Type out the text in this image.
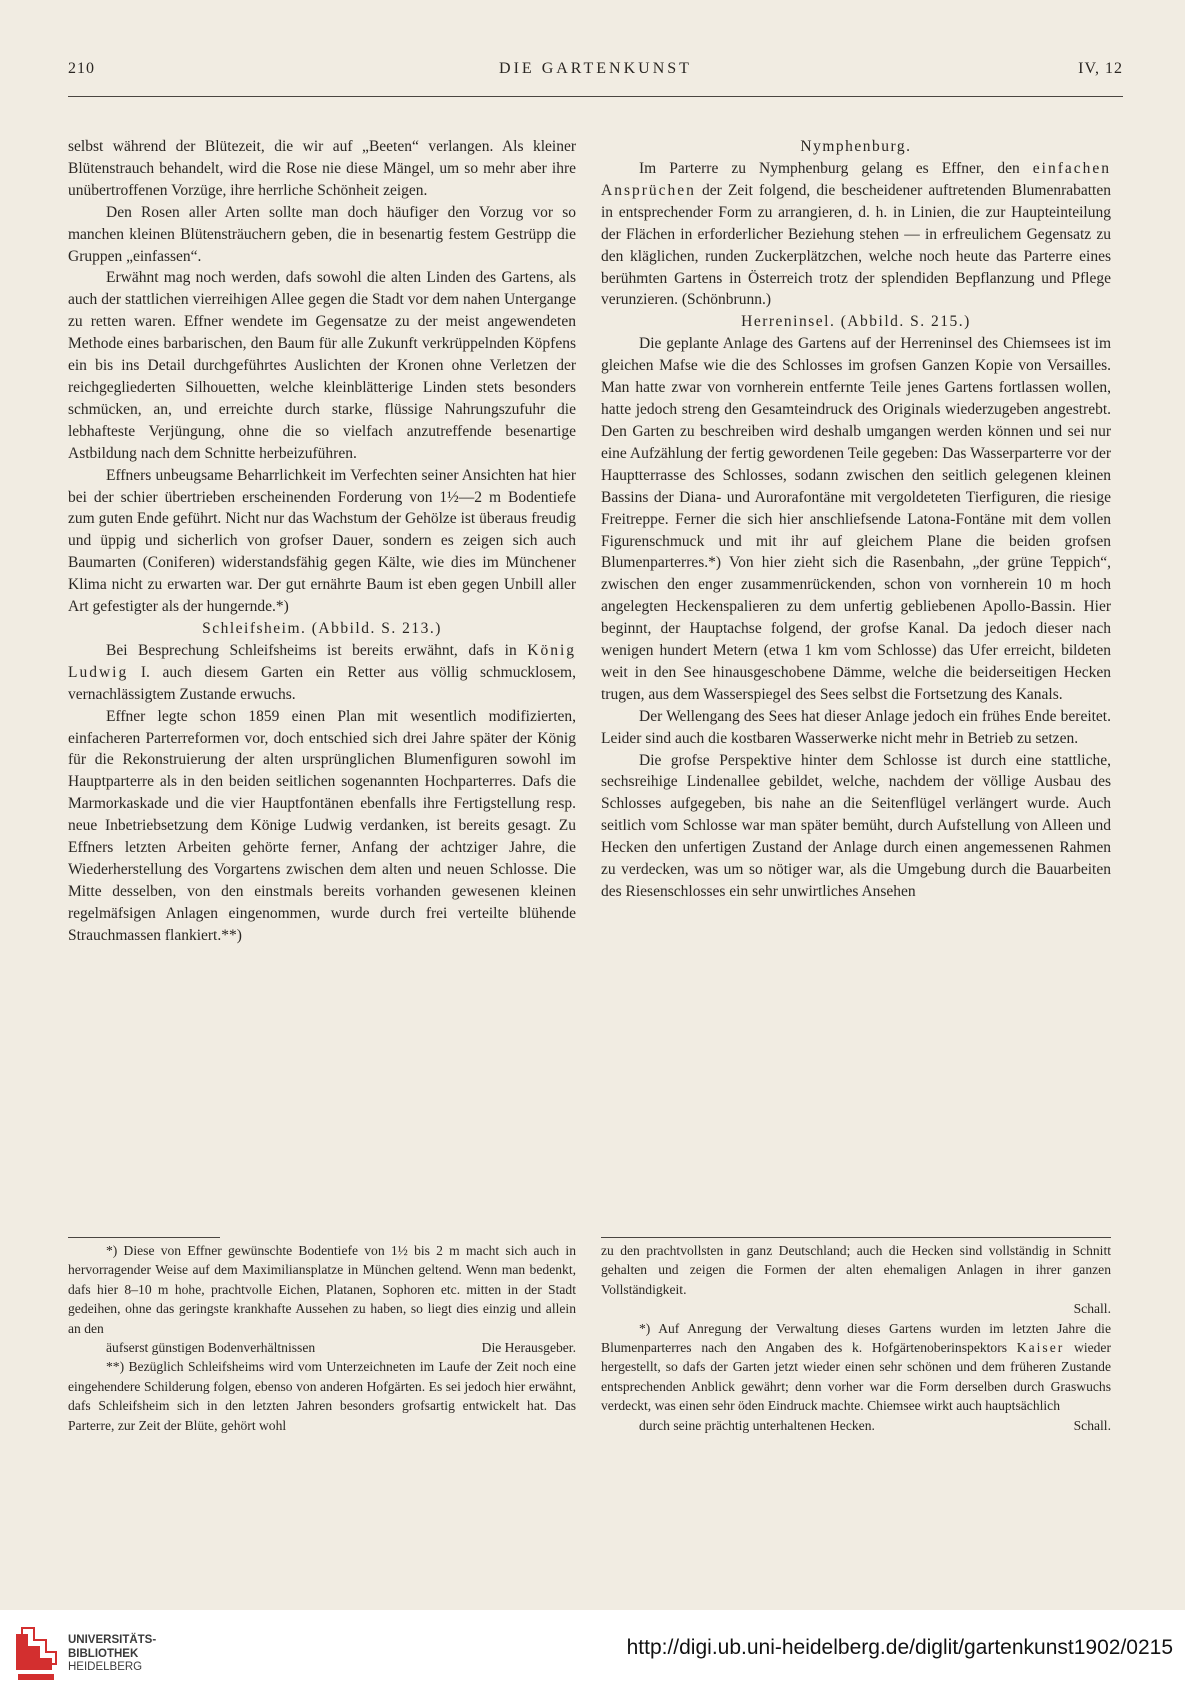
210	DIE GARTENKUNST	IV, 12

selbst während der Blütezeit, die wir auf „Beeten“ verlangen. Als kleiner Blütenstrauch behandelt, wird die Rose nie diese Mängel, um so mehr aber ihre unübertroffenen Vorzüge, ihre herrliche Schönheit zeigen.

Den Rosen aller Arten sollte man doch häufiger den Vorzug vor so manchen kleinen Blütensträuchern geben, die in besenartig festem Gestrüpp die Gruppen „einfassen“.

Erwähnt mag noch werden, dafs sowohl die alten Linden des Gartens, als auch der stattlichen vierreihigen Allee gegen die Stadt vor dem nahen Untergange zu retten waren. Effner wendete im Gegensatze zu der meist angewendeten Methode eines barbarischen, den Baum für alle Zukunft verkrüppelnden Köpfens ein bis ins Detail durchgeführtes Auslichten der Kronen ohne Verletzen der reichgegliederten Silhouetten, welche kleinblätterige Linden stets besonders schmücken, an, und erreichte durch starke, flüssige Nahrungszufuhr die lebhafteste Verjüngung, ohne die so vielfach anzutreffende besenartige Astbildung nach dem Schnitte herbeizuführen.

Effners unbeugsame Beharrlichkeit im Verfechten seiner Ansichten hat hier bei der schier übertrieben erscheinenden Forderung von 1½—2 m Bodentiefe zum guten Ende geführt. Nicht nur das Wachstum der Gehölze ist überaus freudig und üppig und sicherlich von grofser Dauer, sondern es zeigen sich auch Baumarten (Coniferen) widerstandsfähig gegen Kälte, wie dies im Münchener Klima nicht zu erwarten war. Der gut ernährte Baum ist eben gegen Unbill aller Art gefestigter als der hungernde.*)

Schleifsheim. (Abbild. S. 213.)

Bei Besprechung Schleifsheims ist bereits erwähnt, dafs in König Ludwig I. auch diesem Garten ein Retter aus völlig schmucklosem, vernachlässigtem Zustande erwuchs.

Effner legte schon 1859 einen Plan mit wesentlich modifizierten, einfacheren Parterreformen vor, doch entschied sich drei Jahre später der König für die Rekonstruierung der alten ursprünglichen Blumenfiguren sowohl im Hauptparterre als in den beiden seitlichen sogenannten Hochparterres. Dafs die Marmorkaskade und die vier Hauptfontänen ebenfalls ihre Fertigstellung resp. neue Inbetriebsetzung dem Könige Ludwig verdanken, ist bereits gesagt. Zu Effners letzten Arbeiten gehörte ferner, Anfang der achtziger Jahre, die Wiederherstellung des Vorgartens zwischen dem alten und neuen Schlosse. Die Mitte desselben, von den einstmals bereits vorhanden gewesenen kleinen regelmäfsigen Anlagen eingenommen, wurde durch frei verteilte blühende Strauchmassen flankiert.**)

Nymphenburg.

Im Parterre zu Nymphenburg gelang es Effner, den einfachen Ansprüchen der Zeit folgend, die bescheidener auftretenden Blumenrabatten in entsprechender Form zu arrangieren, d. h. in Linien, die zur Haupteinteilung der Flächen in erforderlicher Beziehung stehen — in erfreulichem Gegensatz zu den kläglichen, runden Zuckerplätzchen, welche noch heute das Parterre eines berühmten Gartens in Österreich trotz der splendiden Bepflanzung und Pflege verunzieren. (Schönbrunn.)

Herreninsel. (Abbild. S. 215.)

Die geplante Anlage des Gartens auf der Herreninsel des Chiemsees ist im gleichen Mafse wie die des Schlosses im grofsen Ganzen Kopie von Versailles. Man hatte zwar von vornherein entfernte Teile jenes Gartens fortlassen wollen, hatte jedoch streng den Gesamteindruck des Originals wiederzugeben angestrebt. Den Garten zu beschreiben wird deshalb umgangen werden können und sei nur eine Aufzählung der fertig gewordenen Teile gegeben: Das Wasserparterre vor der Hauptterrasse des Schlosses, sodann zwischen den seitlich gelegenen kleinen Bassins der Diana- und Aurorafontäne mit vergoldeteten Tierfiguren, die riesige Freitreppe. Ferner die sich hier anschliefsende Latona-Fontäne mit dem vollen Figurenschmuck und mit ihr auf gleichem Plane die beiden grofsen Blumenparterres.*) Von hier zieht sich die Rasenbahn, „der grüne Teppich“, zwischen den enger zusammenrückenden, schon von vornherein 10 m hoch angelegten Heckenspalieren zu dem unfertig gebliebenen Apollo-Bassin. Hier beginnt, der Hauptachse folgend, der grofse Kanal. Da jedoch dieser nach wenigen hundert Metern (etwa 1 km vom Schlosse) das Ufer erreicht, bildeten weit in den See hinausgeschobene Dämme, welche die beiderseitigen Hecken trugen, aus dem Wasserspiegel des Sees selbst die Fortsetzung des Kanals.

Der Wellengang des Sees hat dieser Anlage jedoch ein frühes Ende bereitet. Leider sind auch die kostbaren Wasserwerke nicht mehr in Betrieb zu setzen.

Die grofse Perspektive hinter dem Schlosse ist durch eine stattliche, sechsreihige Lindenallee gebildet, welche, nachdem der völlige Ausbau des Schlosses aufgegeben, bis nahe an die Seitenflügel verlängert wurde. Auch seitlich vom Schlosse war man später bemüht, durch Aufstellung von Alleen und Hecken den unfertigen Zustand der Anlage durch einen angemessenen Rahmen zu verdecken, was um so nötiger war, als die Umgebung durch die Bauarbeiten des Riesenschlosses ein sehr unwirtliches Ansehen

*) Diese von Effner gewünschte Bodentiefe von 1½ bis 2 m macht sich auch in hervorragender Weise auf dem Maximiliansplatze in München geltend. Wenn man bedenkt, dafs hier 8–10 m hohe, prachtvolle Eichen, Platanen, Sophoren etc. mitten in der Stadt gedeihen, ohne das geringste krankhafte Aussehen zu haben, so liegt dies einzig und allein an den

äufserst günstigen Bodenverhältnissen	Die Herausgeber.

**) Bezüglich Schleifsheims wird vom Unterzeichneten im Laufe der Zeit noch eine eingehendere Schilderung folgen, ebenso von anderen Hofgärten. Es sei jedoch hier erwähnt, dafs Schleifsheim sich in den letzten Jahren besonders grofsartig entwickelt hat. Das Parterre, zur Zeit der Blüte, gehört wohl

zu den prachtvollsten in ganz Deutschland; auch die Hecken sind vollständig in Schnitt gehalten und zeigen die Formen der alten ehemaligen Anlagen in ihrer ganzen Vollständigkeit.

Schall.

*) Auf Anregung der Verwaltung dieses Gartens wurden im letzten Jahre die Blumenparterres nach den Angaben des k. Hofgärtenoberinspektors Kaiser wieder hergestellt, so dafs der Garten jetzt wieder einen sehr schönen und dem früheren Zustande entsprechenden Anblick gewährt; denn vorher war die Form derselben durch Graswuchs verdeckt, was einen sehr öden Eindruck machte. Chiemsee wirkt auch hauptsächlich

durch seine prächtig unterhaltenen Hecken.	Schall.

UNIVERSITÄTS-
BIBLIOTHEK
HEIDELBERG
http://digi.ub.uni-heidelberg.de/diglit/gartenkunst1902/0215
